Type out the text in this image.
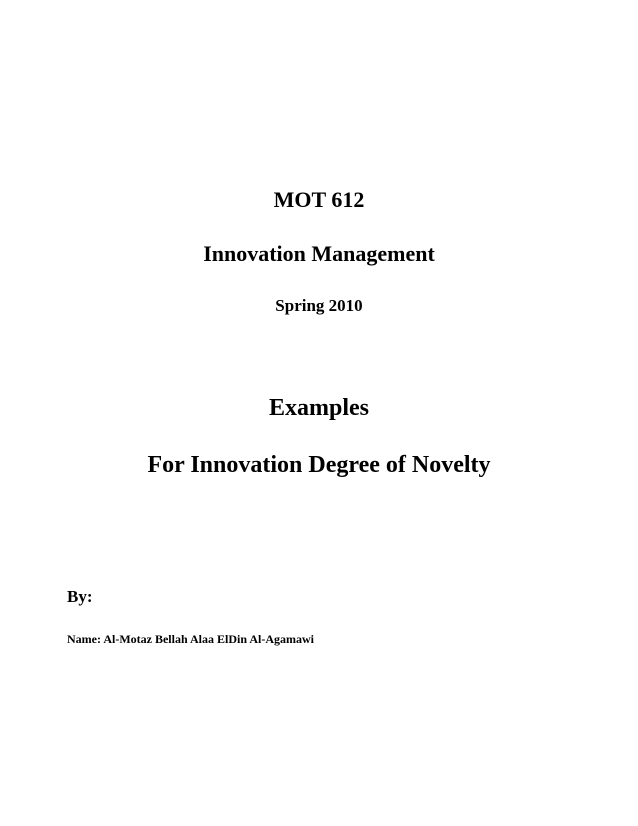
MOT 612
Innovation Management
Spring 2010
Examples
For Innovation Degree of Novelty
By:
Name: Al-Motaz Bellah Alaa ElDin Al-Agamawi
